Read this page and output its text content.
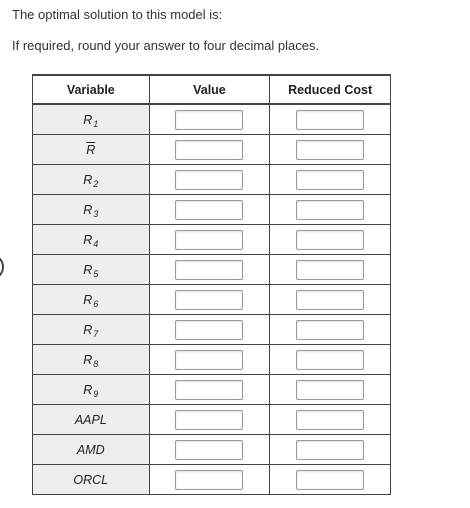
The optimal solution to this model is:
If required, round your answer to four decimal places.
Variable	Value	Reduced Cost
$R_1$		
$\overline{R}$		
$R_2$		
$R_3$		
$R_4$		
$R_5$		
$R_6$		
$R_7$		
$R_8$		
$R_9$		
AAPL		
AMD		
ORCL		
